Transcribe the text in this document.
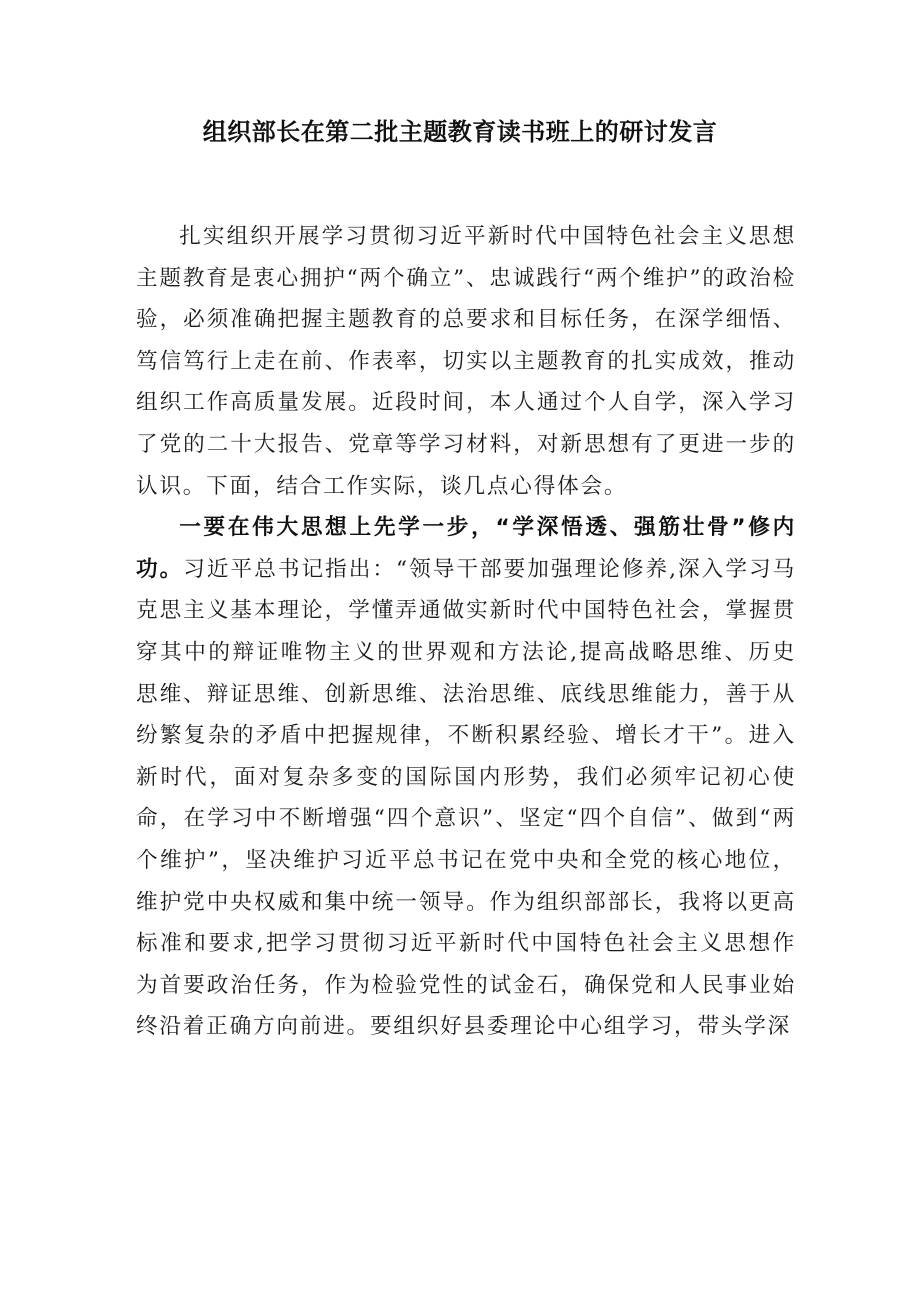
组织部长在第二批主题教育读书班上的研讨发言

扎实组织开展学习贯彻习近平新时代中国特色社会主义思想主题教育是衷心拥护“两个确立”、忠诚践行“两个维护”的政治检验，必须准确把握主题教育的总要求和目标任务，在深学细悟、笃信笃行上走在前、作表率，切实以主题教育的扎实成效，推动组织工作高质量发展。近段时间，本人通过个人自学，深入学习了党的二十大报告、党章等学习材料，对新思想有了更进一步的认识。下面，结合工作实际，谈几点心得体会。

一要在伟大思想上先学一步，“学深悟透、强筋壮骨”修内功。习近平总书记指出：“领导干部要加强理论修养,深入学习马克思主义基本理论，学懂弄通做实新时代中国特色社会，掌握贯穿其中的辩证唯物主义的世界观和方法论,提高战略思维、历史思维、辩证思维、创新思维、法治思维、底线思维能力，善于从纷繁复杂的矛盾中把握规律，不断积累经验、增长才干”。进入新时代，面对复杂多变的国际国内形势，我们必须牢记初心使命，在学习中不断增强“四个意识”、坚定“四个自信”、做到“两个维护”，坚决维护习近平总书记在党中央和全党的核心地位，维护党中央权威和集中统一领导。作为组织部部长，我将以更高标准和要求,把学习贯彻习近平新时代中国特色社会主义思想作为首要政治任务，作为检验党性的试金石，确保党和人民事业始终沿着正确方向前进。要组织好县委理论中心组学习，带头学深
